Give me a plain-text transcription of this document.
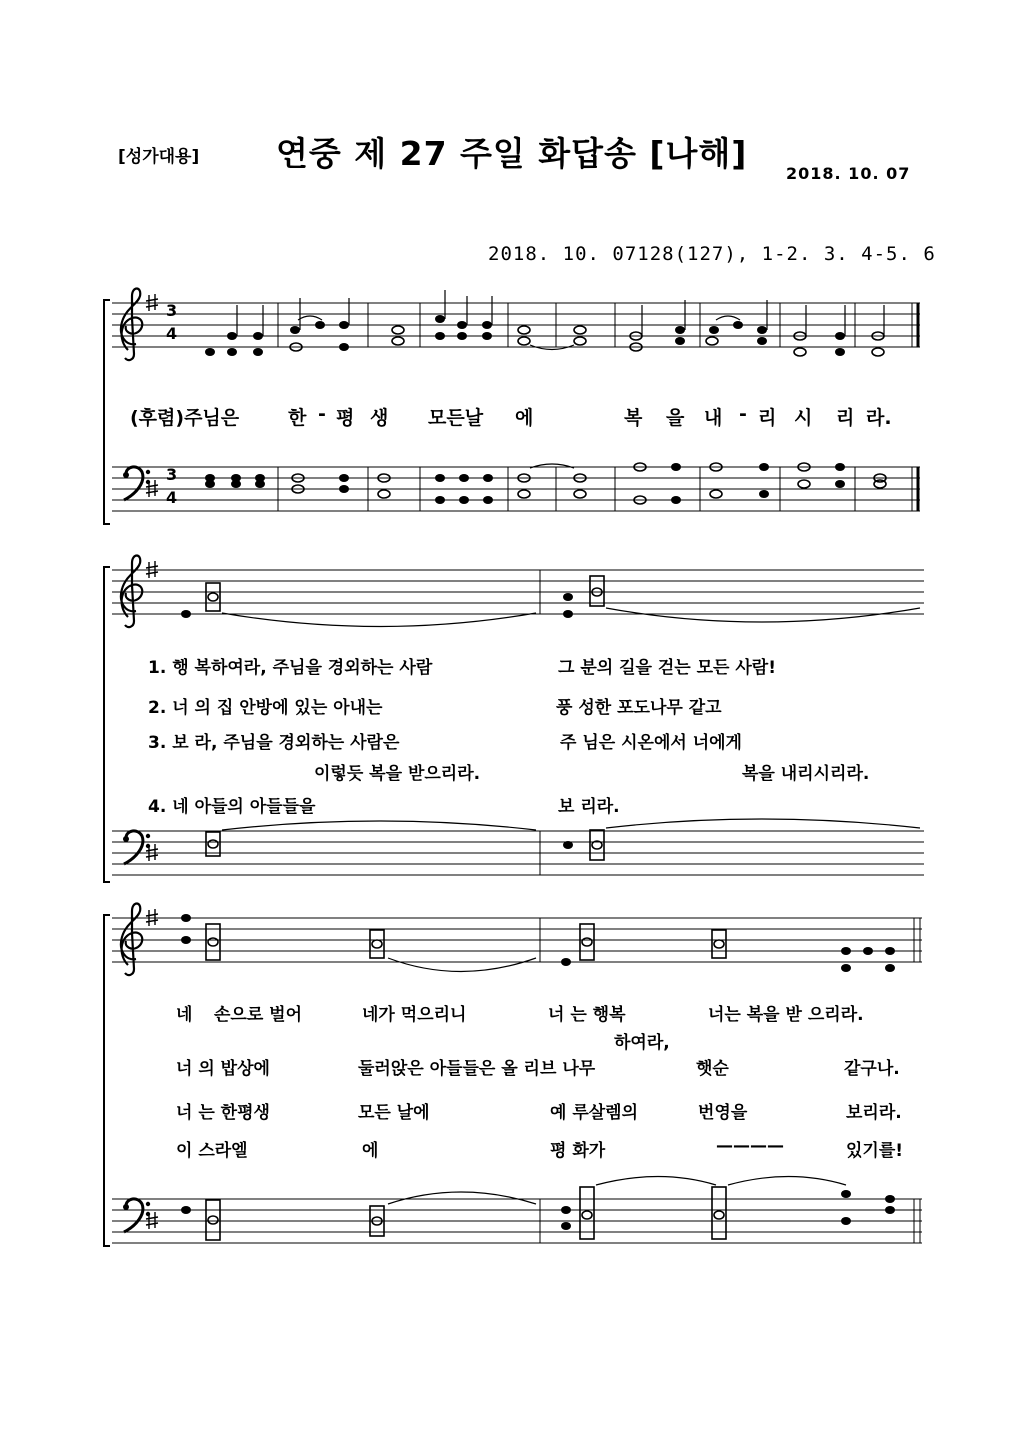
[성가대용] 연중 제 27 주일 화답송 [나해]
2018. 10. 07
2018. 10. 07128(127), 1-2. 3. 4-5. 6
3
4
3
4
(후렴)주님은	한 - 평 생 모든날 에	복 을 내 - 리 시 리 라.
1. 행 복하여라, 주님을 경외하는 사람	그 분의 길을 걷는 모든 사람!
2. 너 의 집 안방에 있는 아내는	풍 성한 포도나무 같고
3. 보 라, 주님을 경외하는 사람은	주 님은 시온에서 너에게
이렇듯 복을 받으리라.	복을 내리시리라.
4. 네 아들의 아들들을	보 리라.
네 손으로 벌어	네가 먹으리니	너 는 행복	너는 복을 받 으리라.
하여라,
너 의 밥상에	둘러앉은 아들들은 올 리브 나무	햇순	같구나.
너 는 한평생	모든 날에	예 루살렘의	번영을	보리라.
이 스라엘	에	평 화가	————	있기를!
